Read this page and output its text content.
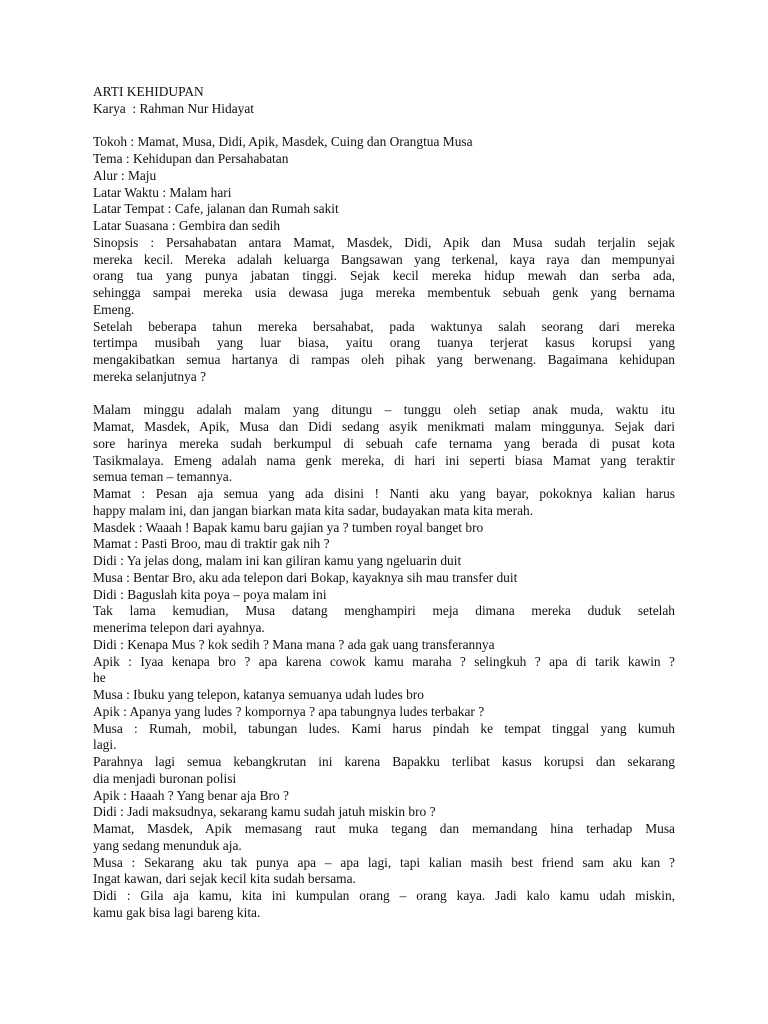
ARTI KEHIDUPAN
Karya  : Rahman Nur Hidayat
Tokoh : Mamat, Musa, Didi, Apik, Masdek, Cuing dan Orangtua Musa
Tema : Kehidupan dan Persahabatan
Alur : Maju
Latar Waktu : Malam hari
Latar Tempat : Cafe, jalanan dan Rumah sakit
Latar Suasana : Gembira dan sedih
Sinopsis : Persahabatan antara Mamat, Masdek, Didi, Apik dan Musa sudah terjalin sejak
mereka kecil. Mereka adalah keluarga Bangsawan yang terkenal, kaya raya dan mempunyai
orang tua yang punya jabatan tinggi. Sejak kecil mereka hidup mewah dan serba ada,
sehingga sampai mereka usia dewasa juga mereka membentuk sebuah genk yang bernama
Emeng.
Setelah beberapa tahun mereka bersahabat, pada waktunya salah seorang dari mereka
tertimpa musibah yang luar biasa, yaitu orang tuanya terjerat kasus korupsi yang
mengakibatkan semua hartanya di rampas oleh pihak yang berwenang. Bagaimana kehidupan
mereka selanjutnya ?

Malam minggu adalah malam yang ditungu – tunggu oleh setiap anak muda, waktu itu
Mamat, Masdek, Apik, Musa dan Didi sedang asyik menikmati malam minggunya. Sejak dari
sore harinya mereka sudah berkumpul di sebuah cafe ternama yang berada di pusat kota
Tasikmalaya. Emeng adalah nama genk mereka, di hari ini seperti biasa Mamat yang teraktir
semua teman – temannya.
Mamat : Pesan aja semua yang ada disini ! Nanti aku yang bayar, pokoknya kalian harus
happy malam ini, dan jangan biarkan mata kita sadar, budayakan mata kita merah.
Masdek : Waaah ! Bapak kamu baru gajian ya ? tumben royal banget bro
Mamat : Pasti Broo, mau di traktir gak nih ?
Didi : Ya jelas dong, malam ini kan giliran kamu yang ngeluarin duit
Musa : Bentar Bro, aku ada telepon dari Bokap, kayaknya sih mau transfer duit
Didi : Baguslah kita poya – poya malam ini
Tak lama kemudian, Musa datang menghampiri meja dimana mereka duduk setelah
menerima telepon dari ayahnya.
Didi : Kenapa Mus ? kok sedih ? Mana mana ? ada gak uang transferannya
Apik : Iyaa kenapa bro ? apa karena cowok kamu maraha ? selingkuh ? apa di tarik kawin ?
he
Musa : Ibuku yang telepon, katanya semuanya udah ludes bro
Apik : Apanya yang ludes ? kompornya ? apa tabungnya ludes terbakar ?
Musa : Rumah, mobil, tabungan ludes. Kami harus pindah ke tempat tinggal yang kumuh
lagi.
Parahnya lagi semua kebangkrutan ini karena Bapakku terlibat kasus korupsi dan sekarang
dia menjadi buronan polisi
Apik : Haaah ? Yang benar aja Bro ?
Didi : Jadi maksudnya, sekarang kamu sudah jatuh miskin bro ?
Mamat, Masdek, Apik memasang raut muka tegang dan memandang hina terhadap Musa
yang sedang menunduk aja.
Musa : Sekarang aku tak punya apa – apa lagi, tapi kalian masih best friend sam aku kan ?
Ingat kawan, dari sejak kecil kita sudah bersama.
Didi : Gila aja kamu, kita ini kumpulan orang – orang kaya. Jadi kalo kamu udah miskin,
kamu gak bisa lagi bareng kita.
